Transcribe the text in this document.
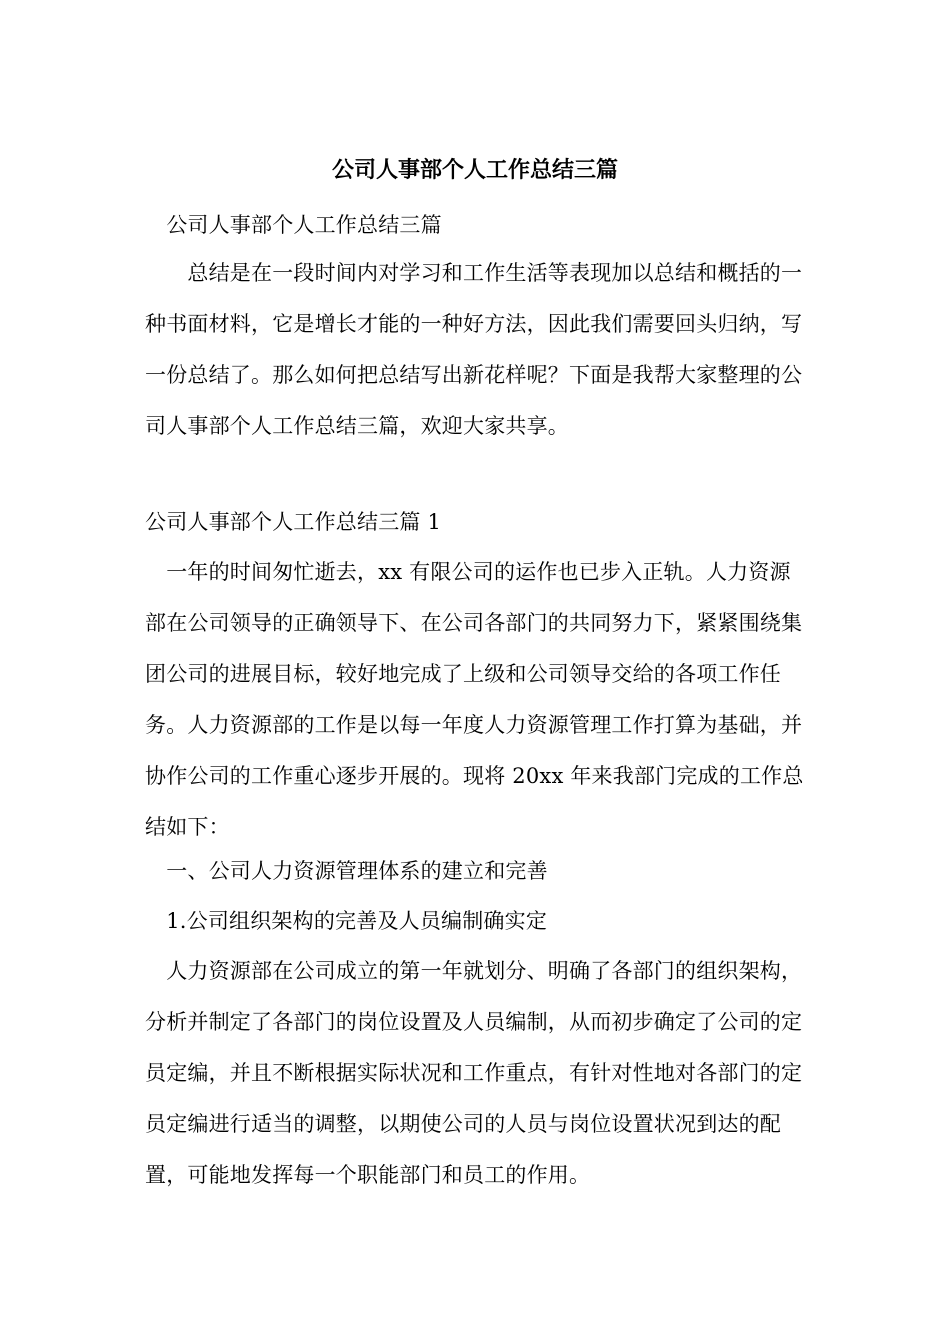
公司人事部个人工作总结三篇

　公司人事部个人工作总结三篇

　　总结是在一段时间内对学习和工作生活等表现加以总结和概括的一种书面材料，它是增长才能的一种好方法，因此我们需要回头归纳，写一份总结了。那么如何把总结写出新花样呢？下面是我帮大家整理的公司人事部个人工作总结三篇，欢迎大家共享。

公司人事部个人工作总结三篇 1

　一年的时间匆忙逝去，xx 有限公司的运作也已步入正轨。人力资源部在公司领导的正确领导下、在公司各部门的共同努力下，紧紧围绕集团公司的进展目标，较好地完成了上级和公司领导交给的各项工作任务。人力资源部的工作是以每一年度人力资源管理工作打算为基础，并协作公司的工作重心逐步开展的。现将 20xx 年来我部门完成的工作总结如下：

　一、公司人力资源管理体系的建立和完善

　1.公司组织架构的完善及人员编制确实定

　人力资源部在公司成立的第一年就划分、明确了各部门的组织架构，分析并制定了各部门的岗位设置及人员编制，从而初步确定了公司的定员定编，并且不断根据实际状况和工作重点，有针对性地对各部门的定员定编进行适当的调整，以期使公司的人员与岗位设置状况到达的配置，可能地发挥每一个职能部门和员工的作用。
